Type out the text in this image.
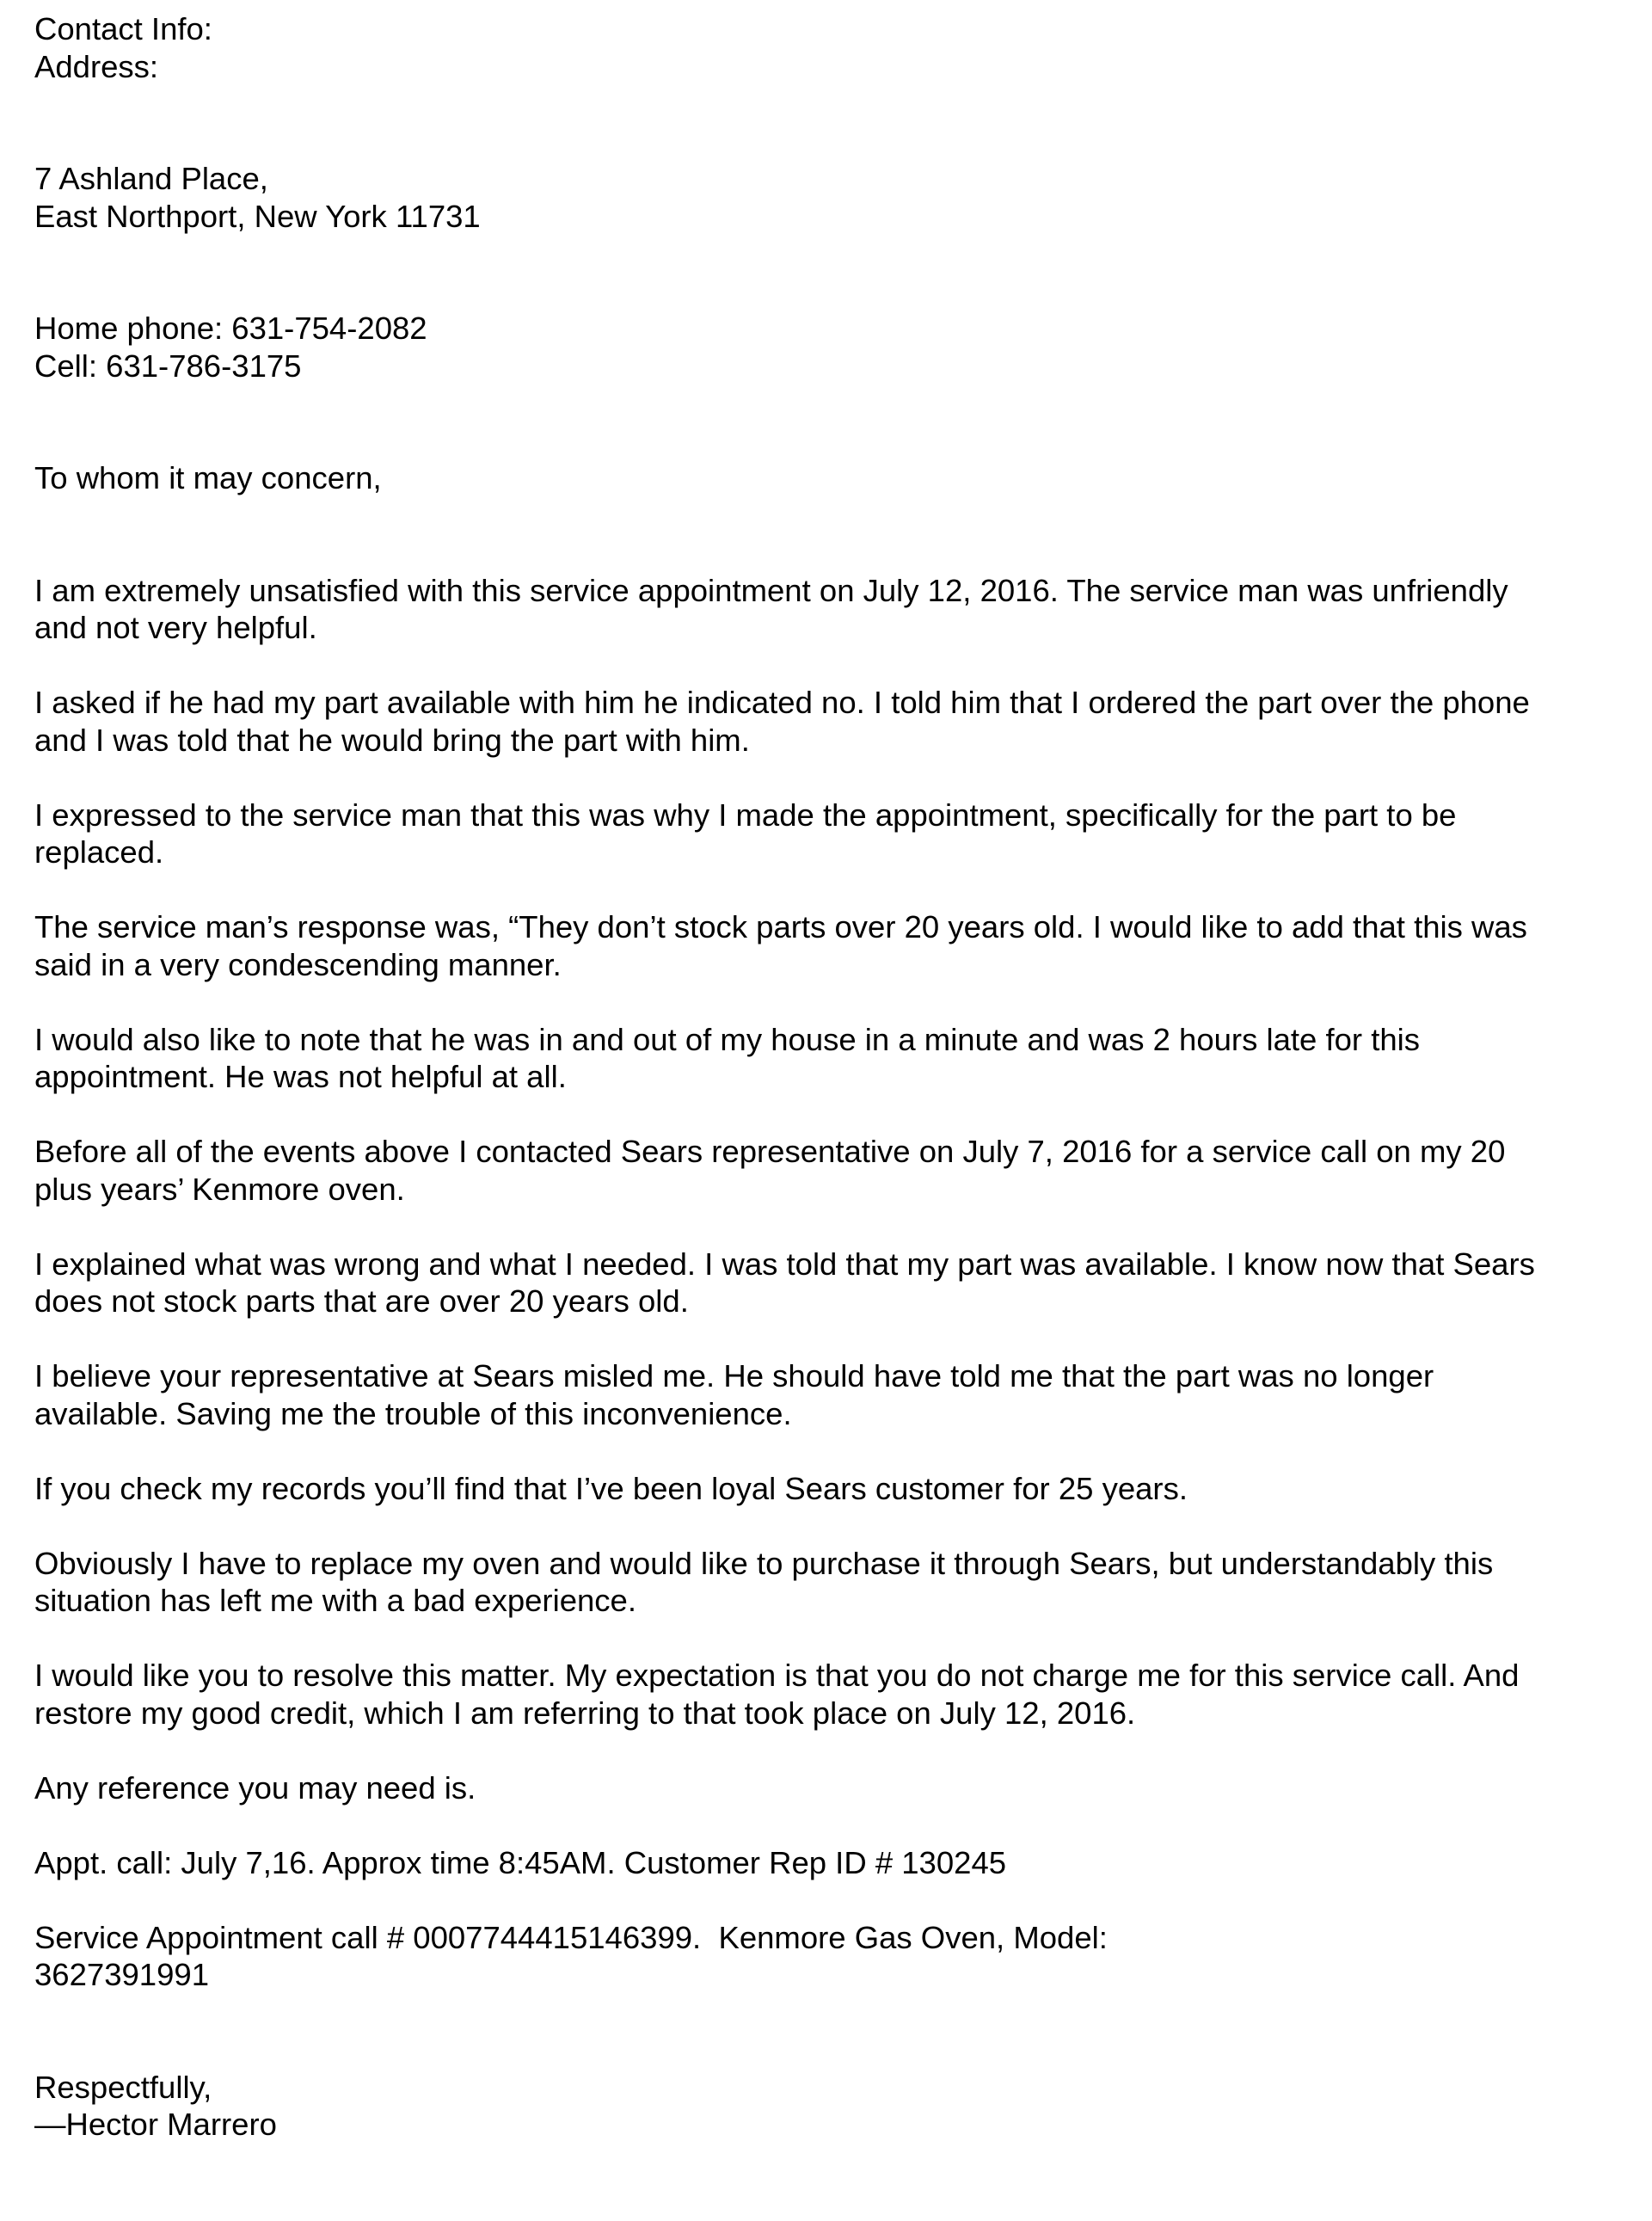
Contact Info:
Address:
7 Ashland Place,
East Northport, New York 11731
Home phone: 631-754-2082
Cell: 631-786-3175
To whom it may concern,
I am extremely unsatisfied with this service appointment on July 12, 2016. The service man was unfriendly
and not very helpful.
I asked if he had my part available with him he indicated no. I told him that I ordered the part over the phone
and I was told that he would bring the part with him.
I expressed to the service man that this was why I made the appointment, specifically for the part to be
replaced.
The service man’s response was, “They don’t stock parts over 20 years old. I would like to add that this was
said in a very condescending manner.
I would also like to note that he was in and out of my house in a minute and was 2 hours late for this
appointment. He was not helpful at all.
Before all of the events above I contacted Sears representative on July 7, 2016 for a service call on my 20
plus years’ Kenmore oven.
I explained what was wrong and what I needed. I was told that my part was available. I know now that Sears
does not stock parts that are over 20 years old.
I believe your representative at Sears misled me. He should have told me that the part was no longer
available. Saving me the trouble of this inconvenience.
If you check my records you’ll find that I’ve been loyal Sears customer for 25 years.
Obviously I have to replace my oven and would like to purchase it through Sears, but understandably this
situation has left me with a bad experience.
I would like you to resolve this matter. My expectation is that you do not charge me for this service call. And
restore my good credit, which I am referring to that took place on July 12, 2016.
Any reference you may need is.
Appt. call: July 7,16. Approx time 8:45AM. Customer Rep ID # 130245
Service Appointment call # 0007744415146399.  Kenmore Gas Oven, Model:
3627391991
Respectfully,
—Hector Marrero
